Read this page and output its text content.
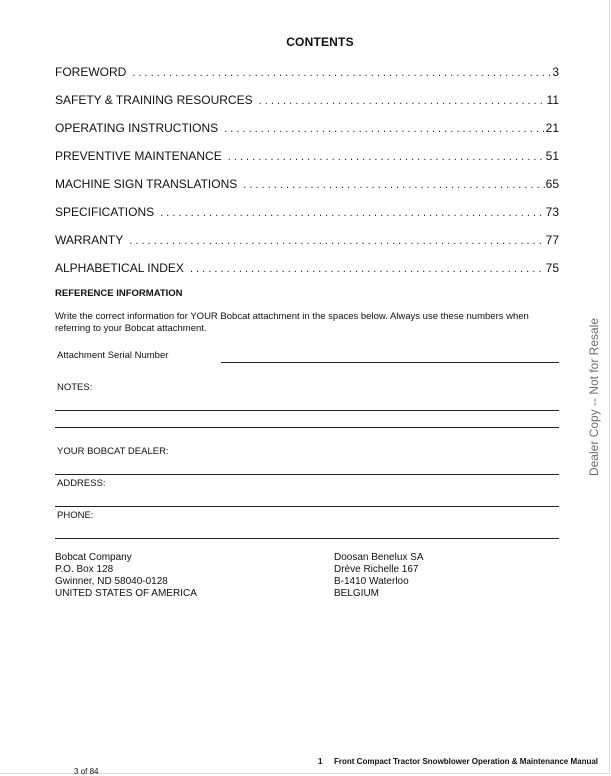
CONTENTS
FOREWORD . . .	3
SAFETY & TRAINING RESOURCES . . .	11
OPERATING INSTRUCTIONS . . .	21
PREVENTIVE MAINTENANCE . . .	51
MACHINE SIGN TRANSLATIONS . . .	65
SPECIFICATIONS . . .	73
WARRANTY . . .	77
ALPHABETICAL INDEX . . .	75
REFERENCE INFORMATION
Write the correct information for YOUR Bobcat attachment in the spaces below. Always use these numbers when referring to your Bobcat attachment.
Attachment Serial Number
NOTES:
YOUR BOBCAT DEALER:
ADDRESS:
PHONE:
Bobcat Company
P.O. Box 128
Gwinner, ND 58040-0128
UNITED STATES OF AMERICA
Doosan Benelux SA
Drève Richelle 167
B-1410 Waterloo
BELGIUM
Dealer Copy -- Not for Resale
1 Front Compact Tractor Snowblower Operation & Maintenance Manual
3 of 84
